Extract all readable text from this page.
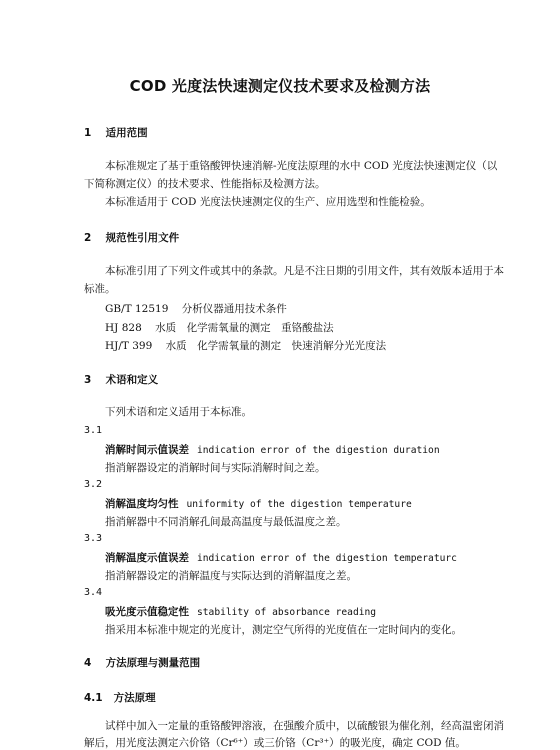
COD 光度法快速测定仪技术要求及检测方法
1 适用范围
本标准规定了基于重铬酸钾快速消解-光度法原理的水中 COD 光度法快速测定仪（以下简称测定仪）的技术要求、性能指标及检测方法。
本标准适用于 COD 光度法快速测定仪的生产、应用选型和性能检验。
2 规范性引用文件
本标准引用了下列文件或其中的条款。凡是不注日期的引用文件，其有效版本适用于本标准。
GB/T 12519 分析仪器通用技术条件
HJ 828 水质　化学需氧量的测定　重铬酸盐法
HJ/T 399 水质　化学需氧量的测定　快速消解分光光度法
3 术语和定义
下列术语和定义适用于本标准。
3.1
消解时间示值误差 indication error of the digestion duration
指消解器设定的消解时间与实际消解时间之差。
3.2
消解温度均匀性 uniformity of the digestion temperature
指消解器中不同消解孔间最高温度与最低温度之差。
3.3
消解温度示值误差 indication error of the digestion temperaturc
指消解器设定的消解温度与实际达到的消解温度之差。
3.4
吸光度示值稳定性 stability of absorbance reading
指采用本标准中规定的光度计，测定空气所得的光度值在一定时间内的变化。
4 方法原理与测量范围
4.1 方法原理
试样中加入一定量的重铬酸钾溶液，在强酸介质中，以硫酸银为催化剂，经高温密闭消
解后，用光度法测定六价铬（Cr⁶⁺）或三价铬（Cr³⁺）的吸光度，确定 COD 值。
